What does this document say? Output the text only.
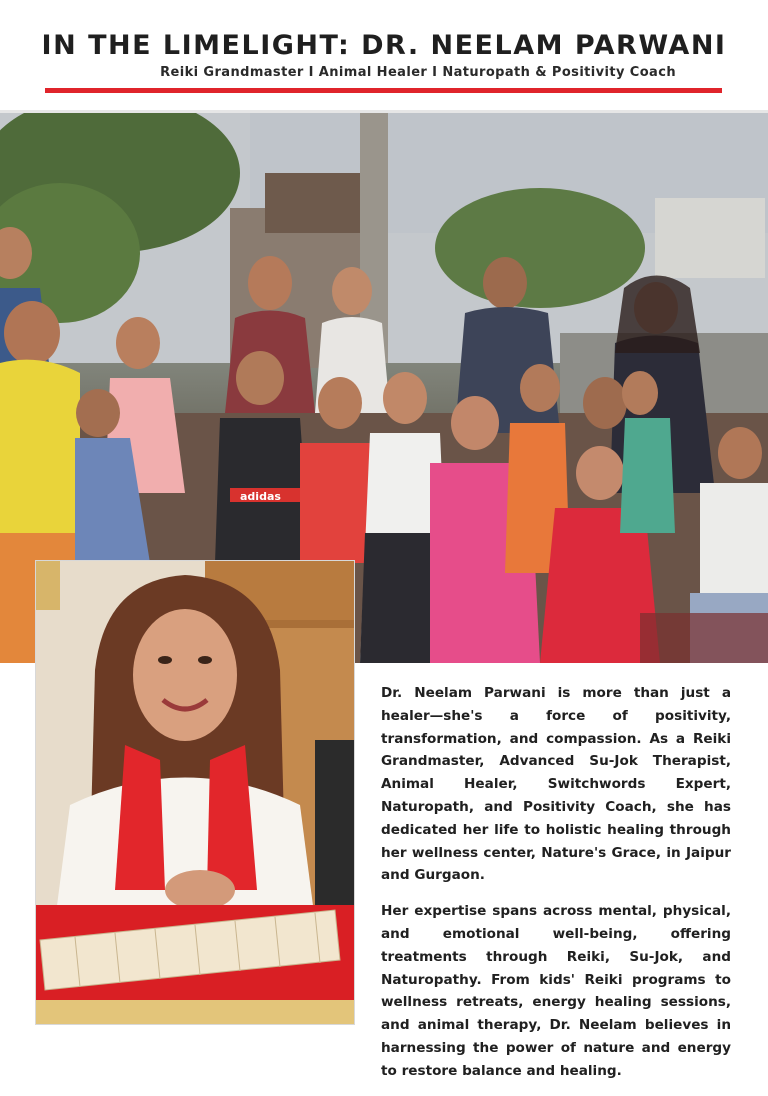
IN THE LIMELIGHT: DR. NEELAM PARWANI
Reiki Grandmaster I Animal Healer I Naturopath & Positivity Coach
adidas

Dr. Neelam Parwani is more than just a healer—she's a force of positivity, transformation, and compassion. As a Reiki Grandmaster, Advanced Su-Jok Therapist, Animal Healer, Switchwords Expert, Naturopath, and Positivity Coach, she has dedicated her life to holistic healing through her wellness center, Nature's Grace, in Jaipur and Gurgaon.

Her expertise spans across mental, physical, and emotional well-being, offering treatments through Reiki, Su-Jok, and Naturopathy. From kids' Reiki programs to wellness retreats, energy healing sessions, and animal therapy, Dr. Neelam believes in harnessing the power of nature and energy to restore balance and healing.
